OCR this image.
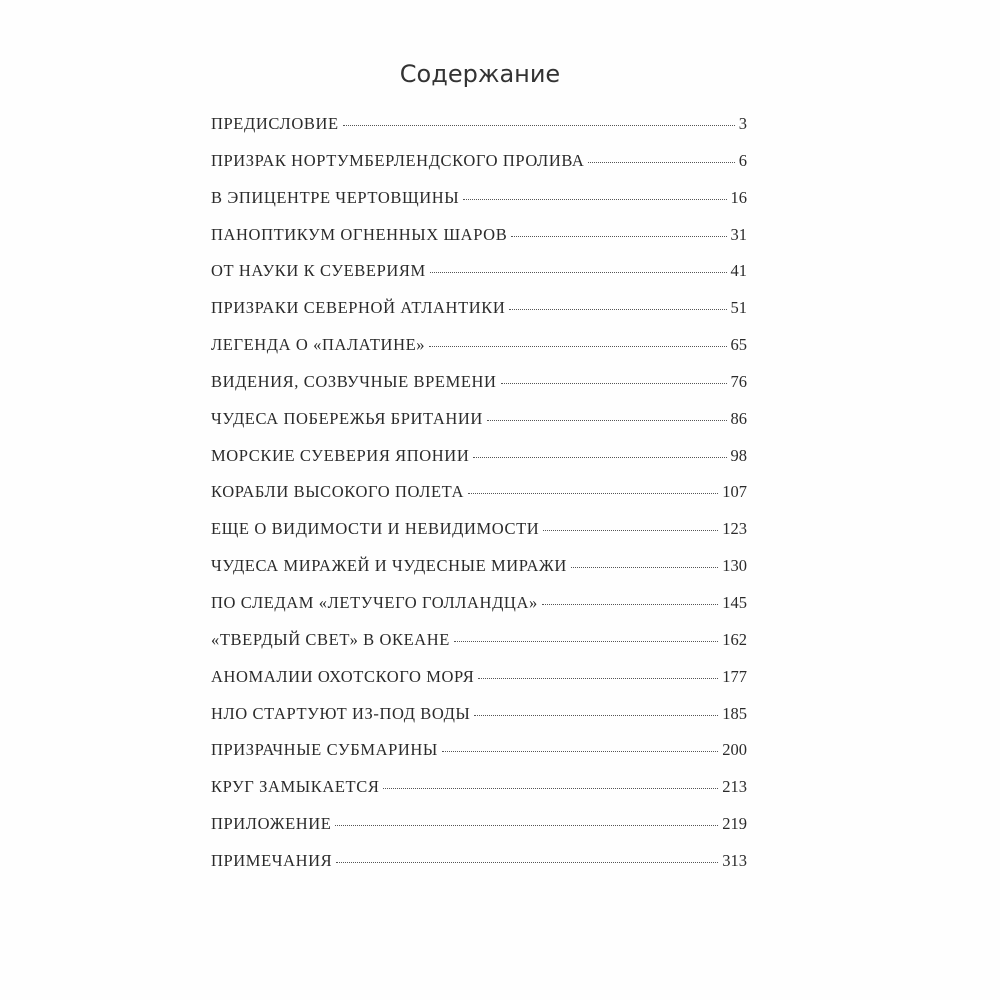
Содержание
ПРЕДИСЛОВИЕ	3
ПРИЗРАК НОРТУМБЕРЛЕНДСКОГО ПРОЛИВА	6
В ЭПИЦЕНТРЕ ЧЕРТОВЩИНЫ	16
ПАНОПТИКУМ ОГНЕННЫХ ШАРОВ	31
ОТ НАУКИ К СУЕВЕРИЯМ	41
ПРИЗРАКИ СЕВЕРНОЙ АТЛАНТИКИ	51
ЛЕГЕНДА О «ПАЛАТИНЕ»	65
ВИДЕНИЯ, СОЗВУЧНЫЕ ВРЕМЕНИ	76
ЧУДЕСА ПОБЕРЕЖЬЯ БРИТАНИИ	86
МОРСКИЕ СУЕВЕРИЯ ЯПОНИИ	98
КОРАБЛИ ВЫСОКОГО ПОЛЕТА	107
ЕЩЕ О ВИДИМОСТИ И НЕВИДИМОСТИ	123
ЧУДЕСА МИРАЖЕЙ И ЧУДЕСНЫЕ МИРАЖИ	130
ПО СЛЕДАМ «ЛЕТУЧЕГО ГОЛЛАНДЦА»	145
«ТВЕРДЫЙ СВЕТ» В ОКЕАНЕ	162
АНОМАЛИИ ОХОТСКОГО МОРЯ	177
НЛО СТАРТУЮТ ИЗ-ПОД ВОДЫ	185
ПРИЗРАЧНЫЕ СУБМАРИНЫ	200
КРУГ ЗАМЫКАЕТСЯ	213
ПРИЛОЖЕНИЕ	219
ПРИМЕЧАНИЯ	313
